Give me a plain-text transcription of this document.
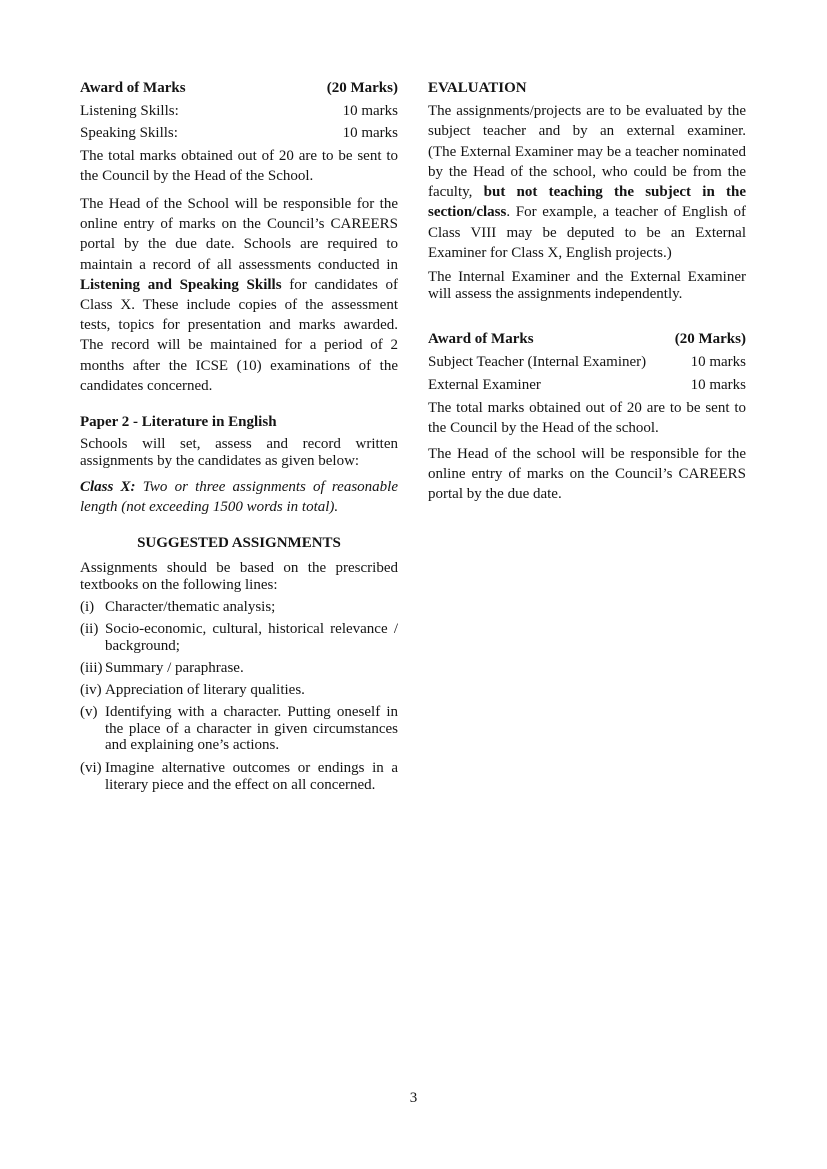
Award of Marks	(20 Marks)
Listening Skills:	10 marks
Speaking Skills:	10 marks
The total marks obtained out of 20 are to be sent to
the Council by the Head of the School.
The Head of the School will be responsible for the
online entry of marks on the Council’s CAREERS
portal by the due date. Schools are required to
maintain a record of all assessments conducted in
Listening and Speaking Skills for candidates of
Class X. These include copies of the assessment
tests, topics for presentation and marks awarded.
The record will be maintained for a period of 2
months after the ICSE (10) examinations of the
candidates concerned.
Paper 2 - Literature in English
Schools will set, assess and record written
assignments by the candidates as given below:
Class X: Two or three assignments of reasonable
length (not exceeding 1500 words in total).
SUGGESTED ASSIGNMENTS
Assignments should be based on the prescribed
textbooks on the following lines:
(i) Character/thematic analysis;
(ii) Socio-economic, cultural, historical relevance /
background;
(iii) Summary / paraphrase.
(iv) Appreciation of literary qualities.
(v) Identifying with a character. Putting oneself in
the place of a character in given circumstances
and explaining one’s actions.
(vi) Imagine alternative outcomes or endings in a
literary piece and the effect on all concerned.
EVALUATION
The assignments/projects are to be evaluated by the
subject teacher and by an external examiner.
(The External Examiner may be a teacher nominated
by the Head of the school, who could be from the
faculty, but not teaching the subject in the
section/class. For example, a teacher of English of
Class VIII may be deputed to be an External
Examiner for Class X, English projects.)
The Internal Examiner and the External Examiner
will assess the assignments independently.
Award of Marks	(20 Marks)
Subject Teacher (Internal Examiner)	10 marks
External Examiner	10 marks
The total marks obtained out of 20 are to be sent to
the Council by the Head of the school.
The Head of the school will be responsible for the
online entry of marks on the Council’s CAREERS
portal by the due date.
3
